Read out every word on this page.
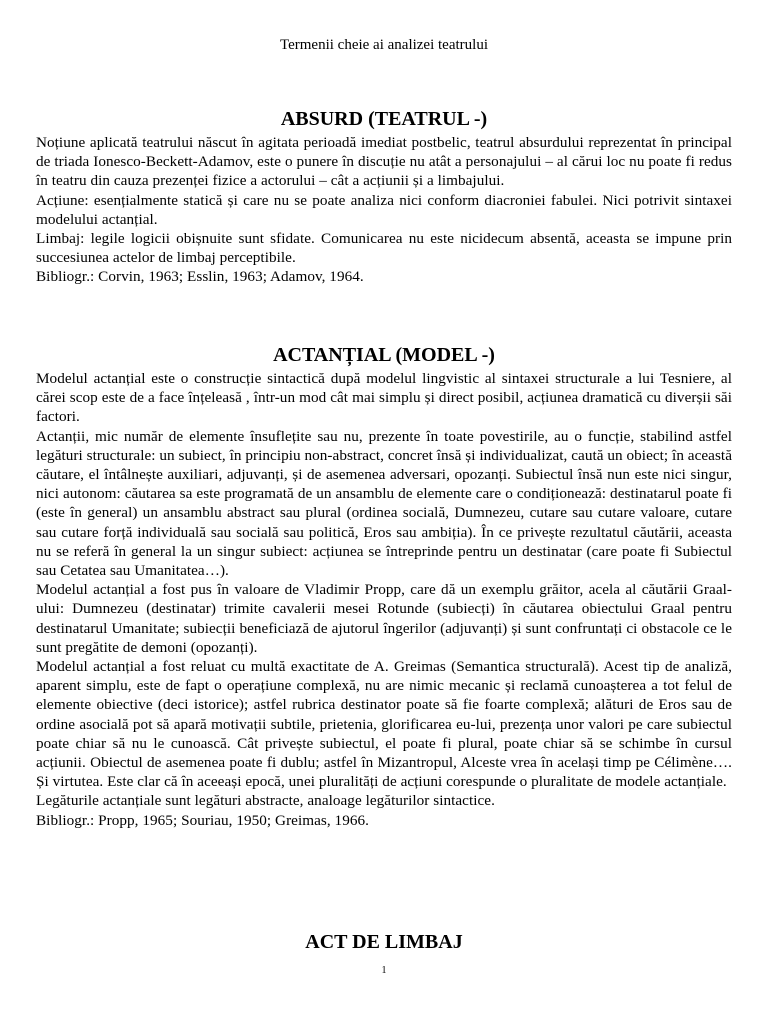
Termenii cheie ai analizei teatrului
ABSURD (TEATRUL -)

Noțiune aplicată teatrului născut în agitata perioadă imediat postbelic, teatrul absurdului reprezentat în principal de triada Ionesco-Beckett-Adamov, este o punere în discuție nu atât a personajului – al cărui loc nu poate fi redus în teatru din cauza prezenței fizice a actorului – cât a acțiunii și a limbajului.

Acțiune: esențialmente statică și care nu se poate analiza nici conform diacroniei fabulei. Nici potrivit sintaxei modelului actanțial.

Limbaj: legile logicii obișnuite sunt sfidate. Comunicarea nu este nicidecum absentă, aceasta se impune prin succesiunea actelor de limbaj perceptibile.

Bibliogr.: Corvin, 1963; Esslin, 1963; Adamov, 1964.

ACTANȚIAL (MODEL -)

Modelul actanțial este o construcție sintactică după modelul lingvistic al sintaxei structurale a lui Tesniere, al cărei scop este de a face înțeleasă , într-un mod cât mai simplu și direct posibil, acțiunea dramatică cu diverșii săi factori.

Actanții, mic număr de elemente însuflețite sau nu, prezente în toate povestirile, au o funcție, stabilind astfel legături structurale: un subiect, în principiu non-abstract, concret însă și individualizat, caută un obiect; în această căutare, el întâlnește auxiliari, adjuvanți, și de asemenea adversari, opozanți. Subiectul însă nun este nici singur, nici autonom: căutarea sa este programată de un ansamblu de elemente care o condiționează: destinatarul poate fi (este în general) un ansamblu abstract sau plural (ordinea socială, Dumnezeu, cutare sau cutare valoare, cutare sau cutare forță individuală sau socială sau politică, Eros sau ambiția). În ce privește rezultatul căutării, aceasta nu se referă în general la un singur subiect: acțiunea se întreprinde pentru un destinatar (care poate fi Subiectul sau Cetatea sau Umanitatea…).

Modelul actanțial a fost pus în valoare de Vladimir Propp, care dă un exemplu grăitor, acela al căutării Graal-ului: Dumnezeu (destinatar) trimite cavalerii mesei Rotunde (subiecți) în căutarea obiectului Graal pentru destinatarul Umanitate; subiecții beneficiază de ajutorul îngerilor (adjuvanți) și sunt confruntați ci obstacole ce le sunt pregătite de demoni (opozanți).

Modelul actanțial a fost reluat cu multă exactitate de A. Greimas (Semantica structurală). Acest tip de analiză, aparent simplu, este de fapt o operațiune complexă, nu are nimic mecanic și reclamă cunoașterea a tot felul de elemente obiective (deci istorice); astfel rubrica destinator poate să fie foarte complexă; alături de Eros sau de ordine asocială pot să apară motivații subtile, prietenia, glorificarea eu-lui, prezența unor valori pe care subiectul poate chiar să nu le cunoască. Cât privește subiectul, el poate fi plural, poate chiar să se schimbe în cursul acțiunii. Obiectul de asemenea poate fi dublu; astfel în Mizantropul, Alceste vrea în același timp pe Célimène…. Și virtutea. Este clar că în aceeași epocă, unei pluralități de acțiuni corespunde o pluralitate de modele actanțiale.

Legăturile actanțiale sunt legături abstracte, analoage legăturilor sintactice.

Bibliogr.: Propp, 1965; Souriau, 1950; Greimas, 1966.

ACT DE LIMBAJ
1
